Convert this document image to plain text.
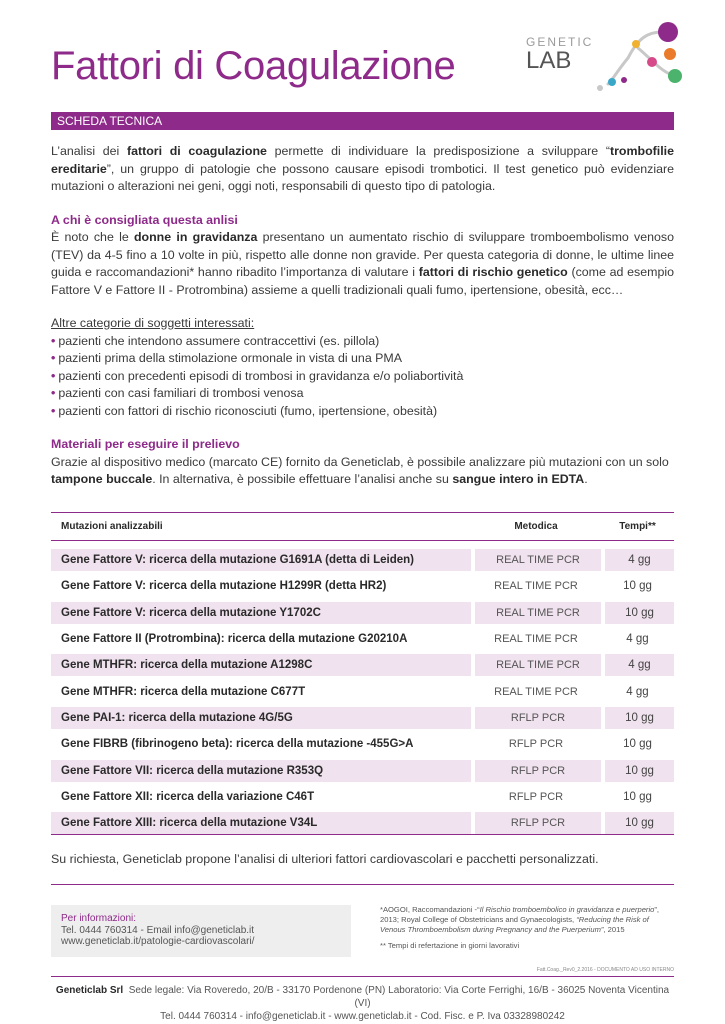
Fattori di Coagulazione
GENETIC
LAB
SCHEDA TECNICA

L’analisi dei fattori di coagulazione permette di individuare la predisposizione a sviluppare “trombofilie ereditarie”, un gruppo di patologie che possono causare episodi trombotici. Il test genetico può evidenziare mutazioni o alterazioni nei geni, oggi noti, responsabili di questo tipo di patologia.

A chi è consigliata questa anlisi

È noto che le donne in gravidanza presentano un aumentato rischio di sviluppare tromboembolismo venoso (TEV) da 4-5 fino a 10 volte in più, rispetto alle donne non gravide. Per questa categoria di donne, le ultime linee guida e raccomandazioni* hanno ribadito l’importanza di valutare i fattori di rischio genetico (come ad esempio Fattore V e Fattore II - Protrombina) assieme a quelli tradizionali quali fumo, ipertensione, obesità, ecc…

Altre categorie di soggetti interessati:

• pazienti che intendono assumere contraccettivi (es. pillola)
• pazienti prima della stimolazione ormonale in vista di una PMA
• pazienti con precedenti episodi di trombosi in gravidanza e/o poliabortività
• pazienti con casi familiari di trombosi venosa
• pazienti con fattori di rischio riconosciuti (fumo, ipertensione, obesità)

Materiali per eseguire il prelievo

Grazie al dispositivo medico (marcato CE) fornito da Geneticlab, è possibile analizzare più mutazioni con un solo tampone buccale. In alternativa, è possibile effettuare l’analisi anche su sangue intero in EDTA.

Mutazioni analizzabili	Metodica	Tempi**
Gene Fattore V: ricerca della mutazione G1691A (detta di Leiden)	REAL TIME PCR	4 gg
Gene Fattore V: ricerca della mutazione H1299R (detta HR2)	REAL TIME PCR	10 gg
Gene Fattore V: ricerca della mutazione Y1702C	REAL TIME PCR	10 gg
Gene Fattore II (Protrombina): ricerca della mutazione G20210A	REAL TIME PCR	4 gg
Gene MTHFR: ricerca della mutazione A1298C	REAL TIME PCR	4 gg
Gene MTHFR: ricerca della mutazione C677T	REAL TIME PCR	4 gg
Gene PAI-1: ricerca della mutazione 4G/5G	RFLP PCR	10 gg
Gene FIBRB (fibrinogeno beta): ricerca della mutazione -455G>A	RFLP PCR	10 gg
Gene Fattore VII: ricerca della mutazione R353Q	RFLP PCR	10 gg
Gene Fattore XII: ricerca della variazione C46T	RFLP PCR	10 gg
Gene Fattore XIII: ricerca della mutazione V34L	RFLP PCR	10 gg
Su richiesta, Geneticlab propone l’analisi di ulteriori fattori cardiovascolari e pacchetti personalizzati.
Per informazioni:
Tel. 0444 760314 - Email info@geneticlab.it
www.geneticlab.it/patologie-cardiovascolari/

*AOGOI, Raccomandazioni -“Il Rischio tromboembolico in gravidanza e puerperio”, 2013; Royal College of Obstetricians and Gynaecologists, “Reducing the Risk of Venous Thromboembolism during Pregnancy and the Puerperium”, 2015

** Tempi di refertazione in giorni lavorativi

Fatt.Coag._Rev0_2.2016 - DOCUMENTO AD USO INTERNO
Geneticlab Srl Sede legale: Via Roveredo, 20/B - 33170 Pordenone (PN) Laboratorio: Via Corte Ferrighi, 16/B - 36025 Noventa Vicentina (VI)
Tel. 0444 760314 - info@geneticlab.it - www.geneticlab.it - Cod. Fisc. e P. Iva 03328980242
